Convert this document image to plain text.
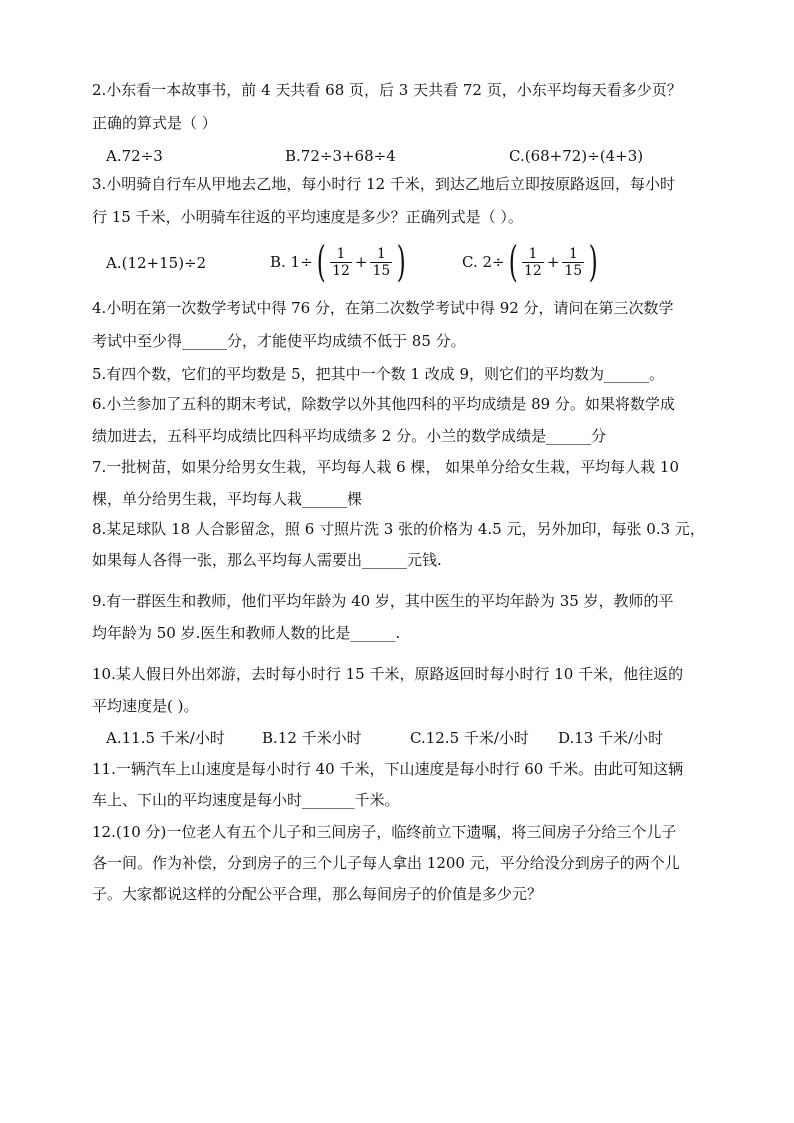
2.小东看一本故事书，前 4 天共看 68 页，后 3 天共看 72 页，小东平均每天看多少页？
正确的算式是（ ）
A.72÷3	B.72÷3+68÷4	C.(68+72)÷(4+3)
3.小明骑自行车从甲地去乙地，每小时行 12 千米，到达乙地后立即按原路返回，每小时
行 15 千米，小明骑车往返的平均速度是多少？正确列式是（ ）。
A.(12+15)÷2	B. 1÷ ( $\frac{1}{12} + \frac{1}{15}$ )	C. 2÷ ( $\frac{1}{12} + \frac{1}{15}$ )
4.小明在第一次数学考试中得 76 分，在第二次数学考试中得 92 分，请问在第三次数学
考试中至少得______分，才能使平均成绩不低于 85 分。
5.有四个数，它们的平均数是 5，把其中一个数 1 改成 9，则它们的平均数为______。
6.小兰参加了五科的期末考试，除数学以外其他四科的平均成绩是 89 分。如果将数学成
绩加进去，五科平均成绩比四科平均成绩多 2 分。小兰的数学成绩是______分
7.一批树苗，如果分给男女生栽，平均每人栽 6 棵， 如果单分给女生栽，平均每人栽 10
棵，单分给男生栽，平均每人栽______棵
8.某足球队 18 人合影留念，照 6 寸照片洗 3 张的价格为 4.5 元，另外加印，每张 0.3 元，
如果每人各得一张，那么平均每人需要出______元钱.
9.有一群医生和教师，他们平均年龄为 40 岁，其中医生的平均年龄为 35 岁，教师的平
均年龄为 50 岁.医生和教师人数的比是______.
10.某人假日外出郊游，去时每小时行 15 千米，原路返回时每小时行 10 千米，他往返的
平均速度是( )。
A.11.5 千米/小时 B.12 千米小时	C.12.5 千米/小时 D.13 千米/小时
11.一辆汽车上山速度是每小时行 40 千米，下山速度是每小时行 60 千米。由此可知这辆
车上、下山的平均速度是每小时_______千米。
12.(10 分)一位老人有五个儿子和三间房子，临终前立下遗嘱，将三间房子分给三个儿子
各一间。作为补偿，分到房子的三个儿子每人拿出 1200 元，平分给没分到房子的两个儿
子。大家都说这样的分配公平合理，那么每间房子的价值是多少元？
